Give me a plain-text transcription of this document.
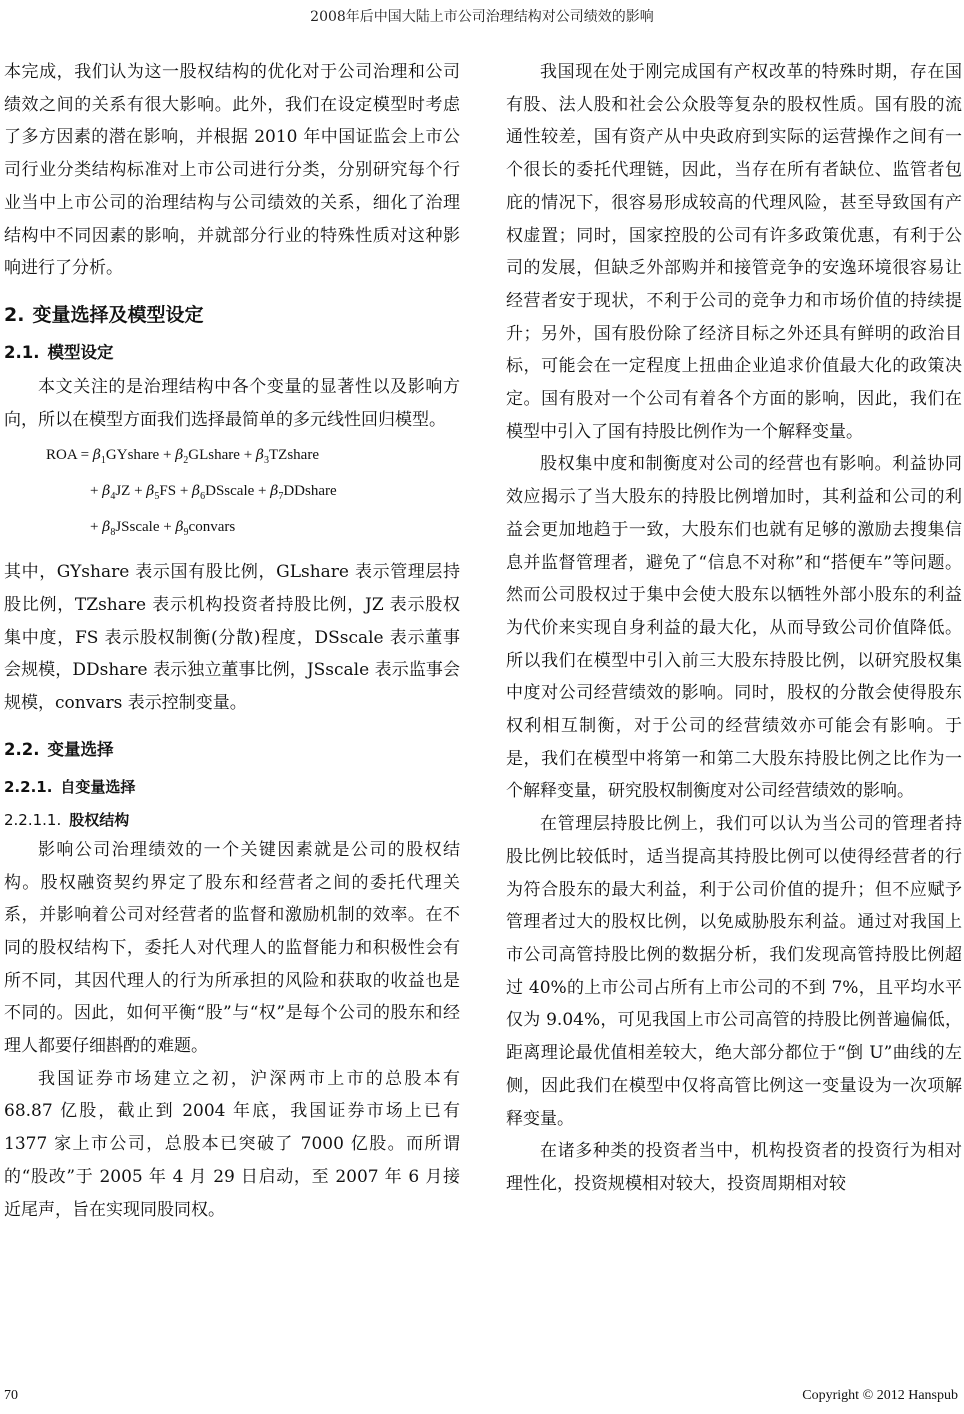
2008年后中国大陆上市公司治理结构对公司绩效的影响

本完成，我们认为这一股权结构的优化对于公司治理和公司绩效之间的关系有很大影响。此外，我们在设定模型时考虑了多方因素的潜在影响，并根据 2010 年中国证监会上市公司行业分类结构标准对上市公司进行分类，分别研究每个行业当中上市公司的治理结构与公司绩效的关系，细化了治理结构中不同因素的影响，并就部分行业的特殊性质对这种影响进行了分析。

2. 变量选择及模型设定
2.1. 模型设定

本文关注的是治理结构中各个变量的显著性以及影响方向，所以在模型方面我们选择最简单的多元线性回归模型。

ROA = $\beta_1GYshare$ + $\beta_2GLshare$ + $\beta_3TZshare$
+ $\beta_4JZ + \beta_5FS$ + $\beta_6DSscale$ + $\beta_7DDshare$
+ $\beta_8JSscale$ + $\beta_9convars$

其中，GYshare 表示国有股比例，GLshare 表示管理层持股比例，TZshare 表示机构投资者持股比例，JZ 表示股权集中度，FS 表示股权制衡(分散)程度，DSscale 表示董事会规模，DDshare 表示独立董事比例，JSscale 表示监事会规模，convars 表示控制变量。

2.2. 变量选择
2.2.1. 自变量选择
2.2.1.1. 股权结构

影响公司治理绩效的一个关键因素就是公司的股权结构。股权融资契约界定了股东和经营者之间的委托代理关系，并影响着公司对经营者的监督和激励机制的效率。在不同的股权结构下，委托人对代理人的监督能力和积极性会有所不同，其因代理人的行为所承担的风险和获取的收益也是不同的。因此，如何平衡“股”与“权”是每个公司的股东和经理人都要仔细斟酌的难题。

我国证券市场建立之初，沪深两市上市的总股本有 68.87 亿股，截止到 2004 年底，我国证券市场上已有 1377 家上市公司，总股本已突破了 7000 亿股。而所谓的“股改”于 2005 年 4 月 29 日启动，至 2007 年 6 月接近尾声，旨在实现同股同权。

我国现在处于刚完成国有产权改革的特殊时期，存在国有股、法人股和社会公众股等复杂的股权性质。国有股的流通性较差，国有资产从中央政府到实际的运营操作之间有一个很长的委托代理链，因此，当存在所有者缺位、监管者包庇的情况下，很容易形成较高的代理风险，甚至导致国有产权虚置；同时，国家控股的公司有许多政策优惠，有利于公司的发展，但缺乏外部购并和接管竞争的安逸环境很容易让经营者安于现状，不利于公司的竞争力和市场价值的持续提升；另外，国有股份除了经济目标之外还具有鲜明的政治目标，可能会在一定程度上扭曲企业追求价值最大化的政策决定。国有股对一个公司有着各个方面的影响，因此，我们在模型中引入了国有持股比例作为一个解释变量。

股权集中度和制衡度对公司的经营也有影响。利益协同效应揭示了当大股东的持股比例增加时，其利益和公司的利益会更加地趋于一致，大股东们也就有足够的激励去搜集信息并监督管理者，避免了“信息不对称”和“搭便车”等问题。然而公司股权过于集中会使大股东以牺牲外部小股东的利益为代价来实现自身利益的最大化，从而导致公司价值降低。所以我们在模型中引入前三大股东持股比例，以研究股权集中度对公司经营绩效的影响。同时，股权的分散会使得股东权利相互制衡，对于公司的经营绩效亦可能会有影响。于是，我们在模型中将第一和第二大股东持股比例之比作为一个解释变量，研究股权制衡度对公司经营绩效的影响。

在管理层持股比例上，我们可以认为当公司的管理者持股比例比较低时，适当提高其持股比例可以使得经营者的行为符合股东的最大利益，利于公司价值的提升；但不应赋予管理者过大的股权比例，以免威胁股东利益。通过对我国上市公司高管持股比例的数据分析，我们发现高管持股比例超过 40%的上市公司占所有上市公司的不到 7%，且平均水平仅为 9.04%，可见我国上市公司高管的持股比例普遍偏低，距离理论最优值相差较大，绝大部分都位于“倒 U”曲线的左侧，因此我们在模型中仅将高管比例这一变量设为一次项解释变量。

在诸多种类的投资者当中，机构投资者的投资行为相对理性化，投资规模相对较大，投资周期相对较

70	Copyright © 2012 Hanspub
